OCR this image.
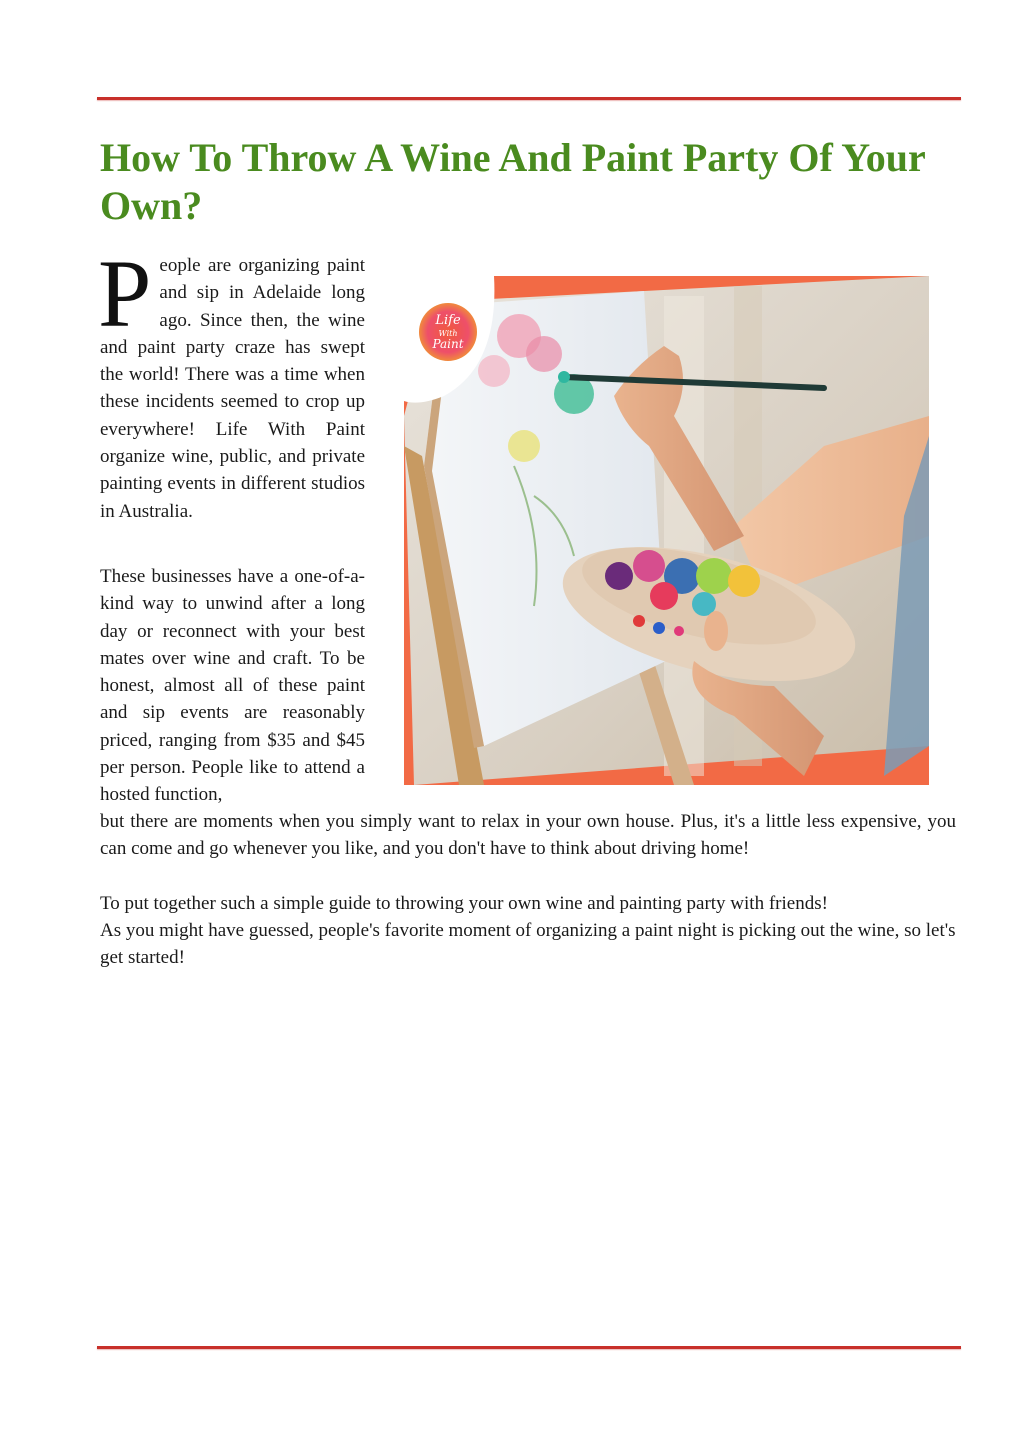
How To Throw A Wine And Paint Party Of Your Own?

People are organizing paint and sip in Adelaide long ago. Since then, the wine and paint party craze has swept the world! There was a time when these incidents seemed to crop up everywhere! Life With Paint organize wine, public, and private painting events in different studios in Australia.

These businesses have a one-of-a-kind way to unwind after a long day or reconnect with your best mates over wine and craft. To be honest, almost all of these paint and sip events are reasonably priced, ranging from $35 and $45 per person. People like to attend a hosted function,

Life
With
Paint

but there are moments when you simply want to relax in your own house. Plus, it's a little less expensive, you can come and go whenever you like, and you don't have to think about driving home!

To put together such a simple guide to throwing your own wine and painting party with friends!

As you might have guessed, people's favorite moment of organizing a paint night is picking out the wine, so let's get started!
